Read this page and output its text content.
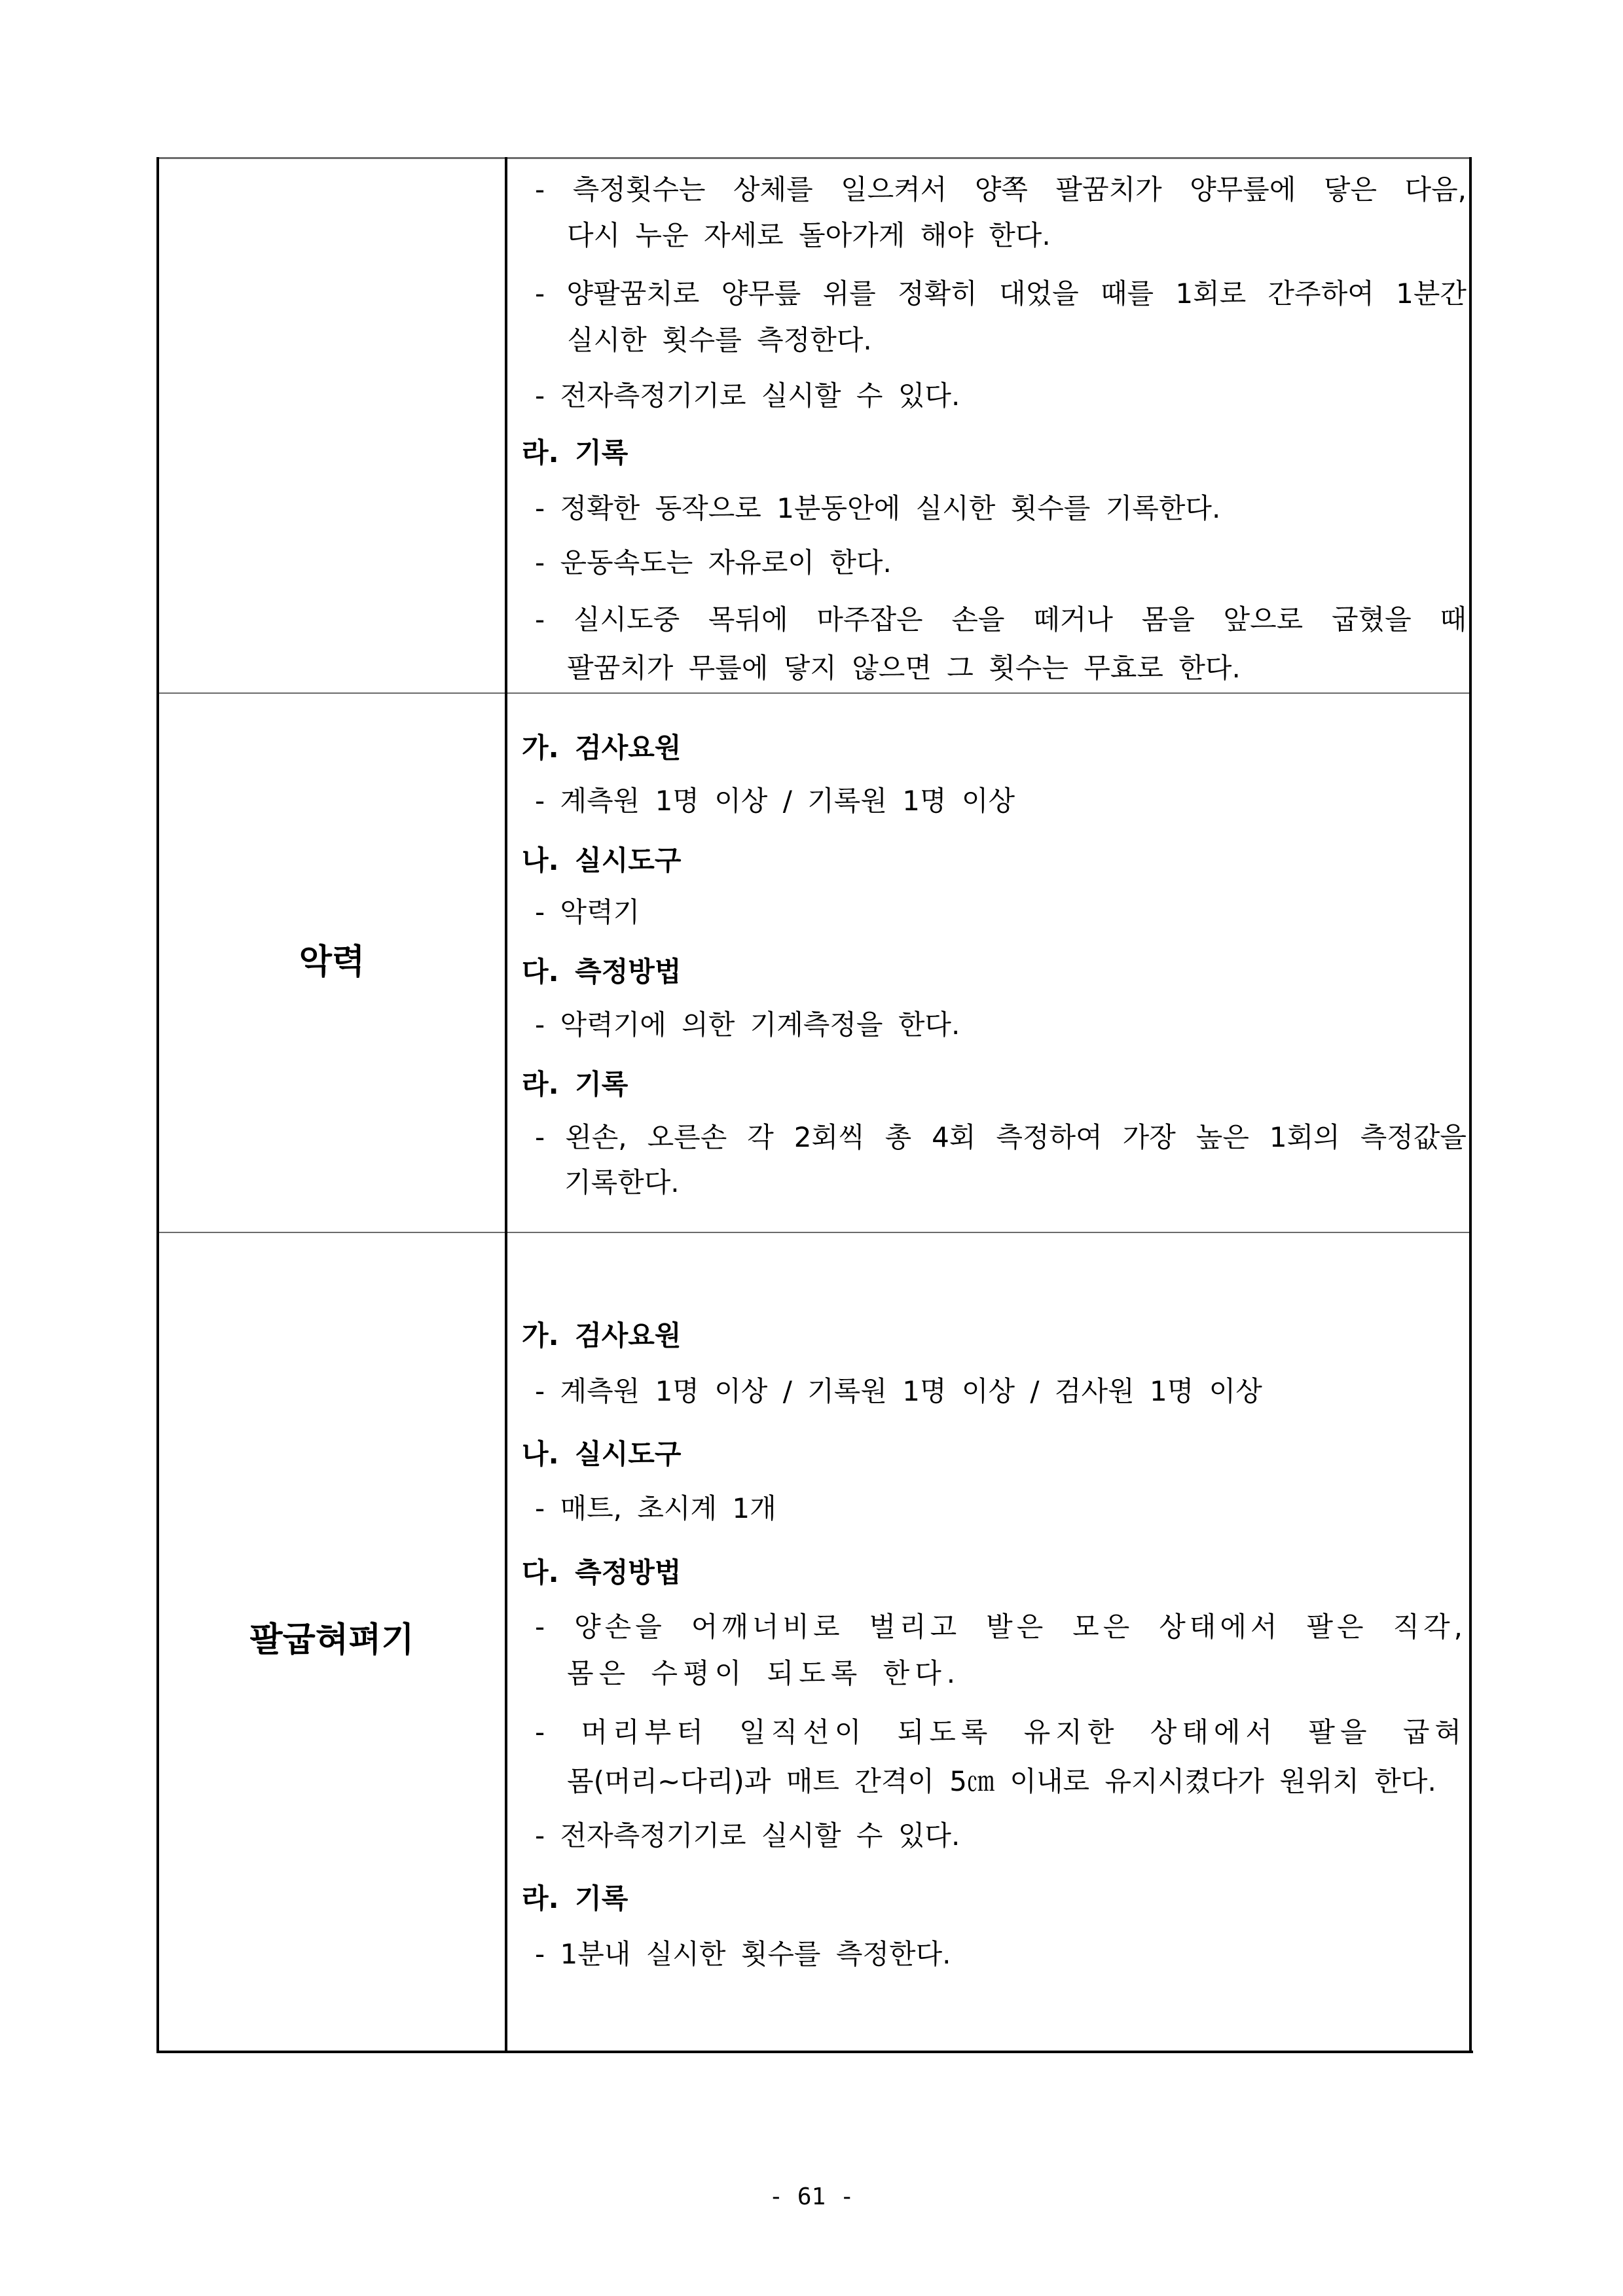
- 측정횟수는 상체를 일으켜서 양쪽 팔꿈치가 양무릎에 닿은 다음,
다시 누운 자세로 돌아가게 해야 한다.
- 양팔꿈치로 양무릎 위를 정확히 대었을 때를 1회로 간주하여 1분간
실시한 횟수를 측정한다.
- 전자측정기기로 실시할 수 있다.
라. 기록
- 정확한 동작으로 1분동안에 실시한 횟수를 기록한다.
- 운동속도는 자유로이 한다.
- 실시도중 목뒤에 마주잡은 손을 떼거나 몸을 앞으로 굽혔을 때
팔꿈치가 무릎에 닿지 않으면 그 횟수는 무효로 한다.
악력
가. 검사요원
- 계측원 1명 이상 / 기록원 1명 이상
나. 실시도구
- 악력기
다. 측정방법
- 악력기에 의한 기계측정을 한다.
라. 기록
- 왼손, 오른손 각 2회씩 총 4회 측정하여 가장 높은 1회의 측정값을
기록한다.
팔굽혀펴기
가. 검사요원
- 계측원 1명 이상 / 기록원 1명 이상 / 검사원 1명 이상
나. 실시도구
- 매트, 초시계 1개
다. 측정방법
- 양손을 어깨너비로 벌리고 발은 모은 상태에서 팔은 직각,
몸은 수평이 되도록 한다.
- 머리부터 일직선이 되도록 유지한 상태에서 팔을 굽혀
몸(머리~다리)과 매트 간격이 5㎝ 이내로 유지시켰다가 원위치 한다.
- 전자측정기기로 실시할 수 있다.
라. 기록
- 1분내 실시한 횟수를 측정한다.
- 61 -
